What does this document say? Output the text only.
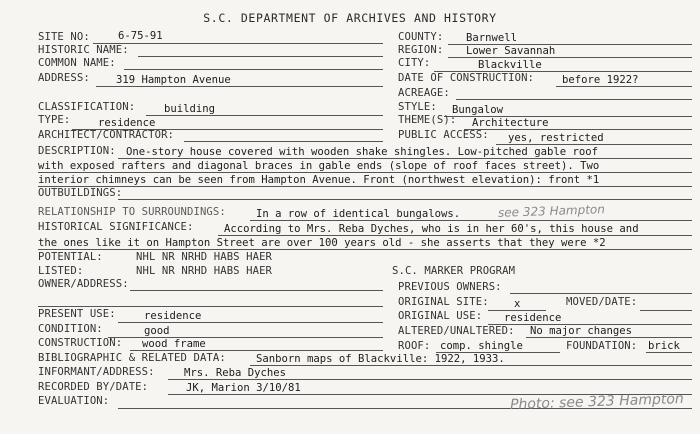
S.C. DEPARTMENT OF ARCHIVES AND HISTORY
SITE NO:	6-75-91	COUNTY: Barnwell
HISTORIC NAME:	REGION: Lower Savannah
COMMON NAME:	CITY:	Blackville
ADDRESS: 319 Hampton Avenue	DATE OF CONSTRUCTION:	before 1922?
ACREAGE:
CLASSIFICATION:	building	STYLE: Bungalow
TYPE:	residence	THEME(S): Architecture
ARCHITECT/CONTRACTOR:	PUBLIC ACCESS: yes, restricted
DESCRIPTION: One-story house covered with wooden shake shingles. Low-pitched gable roof
with exposed rafters and diagonal braces in gable ends (slope of roof faces street). Two
interior chimneys can be seen from Hampton Avenue. Front (northwest elevation): front *1
OUTBUILDINGS:
RELATIONSHIP TO SURROUNDINGS:	In a row of identical bungalows.	see 323 Hampton
HISTORICAL SIGNIFICANCE:	According to Mrs. Reba Dyches, who is in her 60's, this house and
the ones like it on Hampton Street are over 100 years old - she asserts that they were *2
POTENTIAL:	NHL NR NRHD HABS HAER
LISTED:	NHL NR NRHD HABS HAER	S.C. MARKER PROGRAM
OWNER/ADDRESS:	PREVIOUS OWNERS:
ORIGINAL SITE: x	MOVED/DATE:
PRESENT USE:	residence	ORIGINAL USE: residence
CONDITION:	good	ALTERED/UNALTERED: No major changes
CONSTRUCTION: wood frame	ROOF: comp. shingle	FOUNDATION: brick
BIBLIOGRAPHIC & RELATED DATA:	Sanborn maps of Blackville: 1922, 1933.
INFORMANT/ADDRESS:	Mrs. Reba Dyches
RECORDED BY/DATE:	JK, Marion 3/10/81
EVALUATION:	Photo: see 323 Hampton
